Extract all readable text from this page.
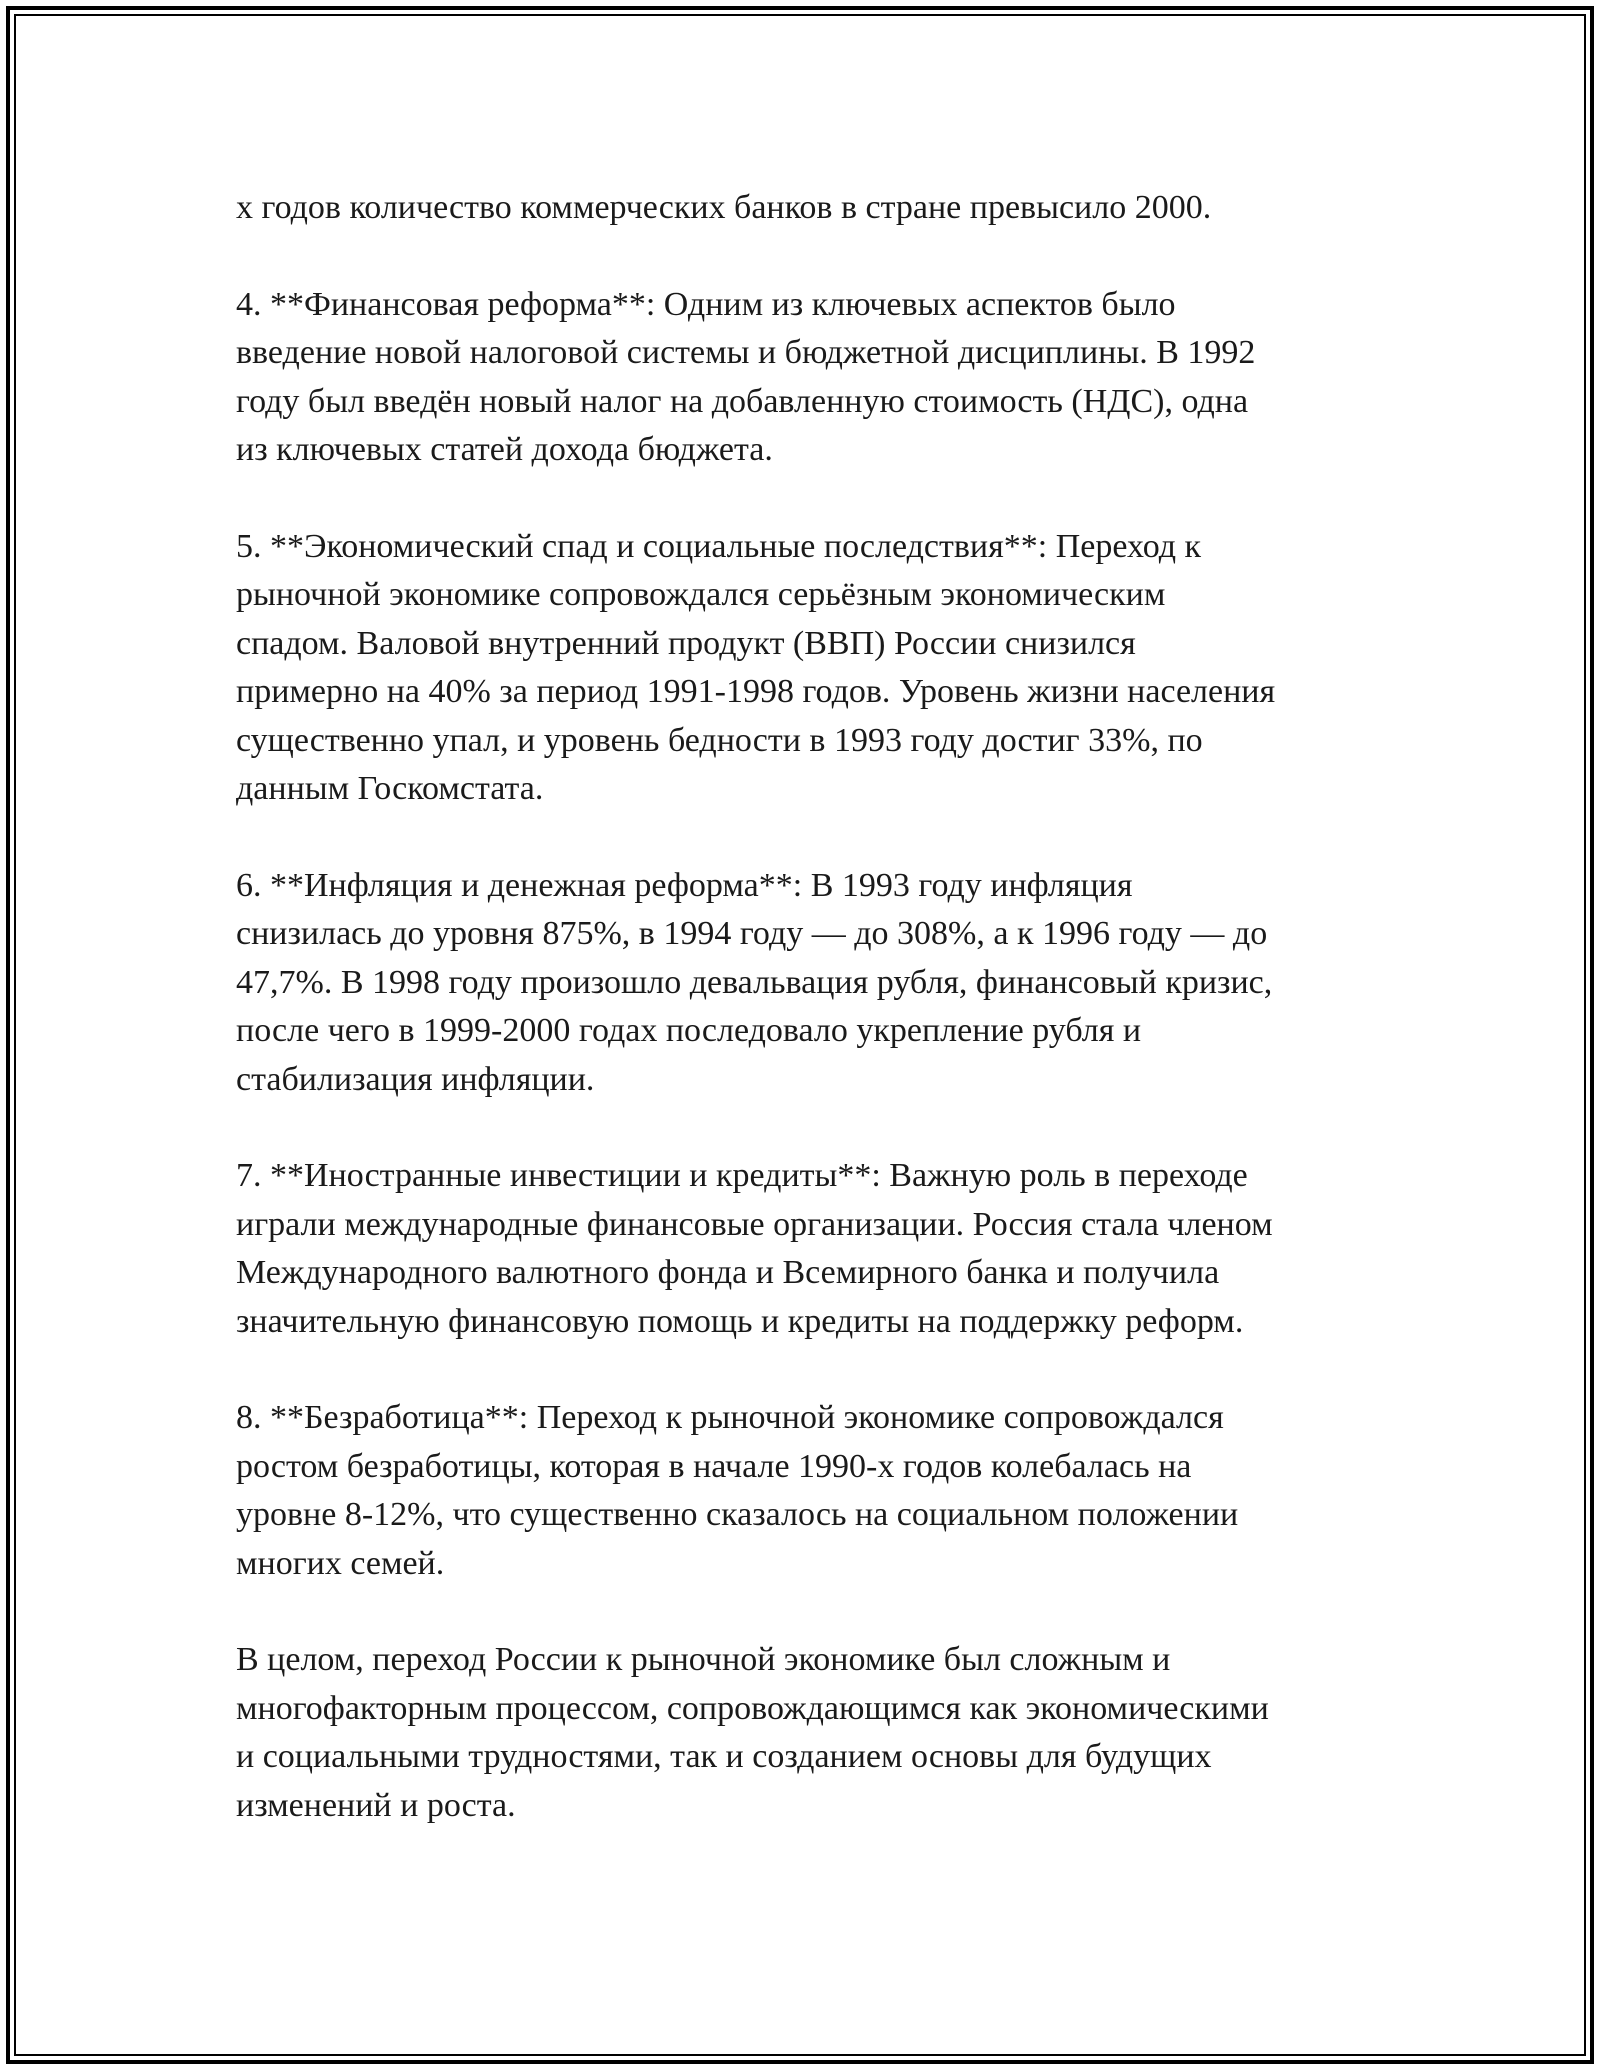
х годов количество коммерческих банков в стране превысило 2000.

4. **Финансовая реформа**: Одним из ключевых аспектов было
введение новой налоговой системы и бюджетной дисциплины. В 1992
году был введён новый налог на добавленную стоимость (НДС), одна
из ключевых статей дохода бюджета.

5. **Экономический спад и социальные последствия**: Переход к
рыночной экономике сопровождался серьёзным экономическим
спадом. Валовой внутренний продукт (ВВП) России снизился
примерно на 40% за период 1991-1998 годов. Уровень жизни населения
существенно упал, и уровень бедности в 1993 году достиг 33%, по
данным Госкомстата.

6. **Инфляция и денежная реформа**: В 1993 году инфляция
снизилась до уровня 875%, в 1994 году — до 308%, а к 1996 году — до
47,7%. В 1998 году произошло девальвация рубля, финансовый кризис,
после чего в 1999-2000 годах последовало укрепление рубля и
стабилизация инфляции.

7. **Иностранные инвестиции и кредиты**: Важную роль в переходе
играли международные финансовые организации. Россия стала членом
Международного валютного фонда и Всемирного банка и получила
значительную финансовую помощь и кредиты на поддержку реформ.

8. **Безработица**: Переход к рыночной экономике сопровождался
ростом безработицы, которая в начале 1990-х годов колебалась на
уровне 8-12%, что существенно сказалось на социальном положении
многих семей.

В целом, переход России к рыночной экономике был сложным и
многофакторным процессом, сопровождающимся как экономическими
и социальными трудностями, так и созданием основы для будущих
изменений и роста.
